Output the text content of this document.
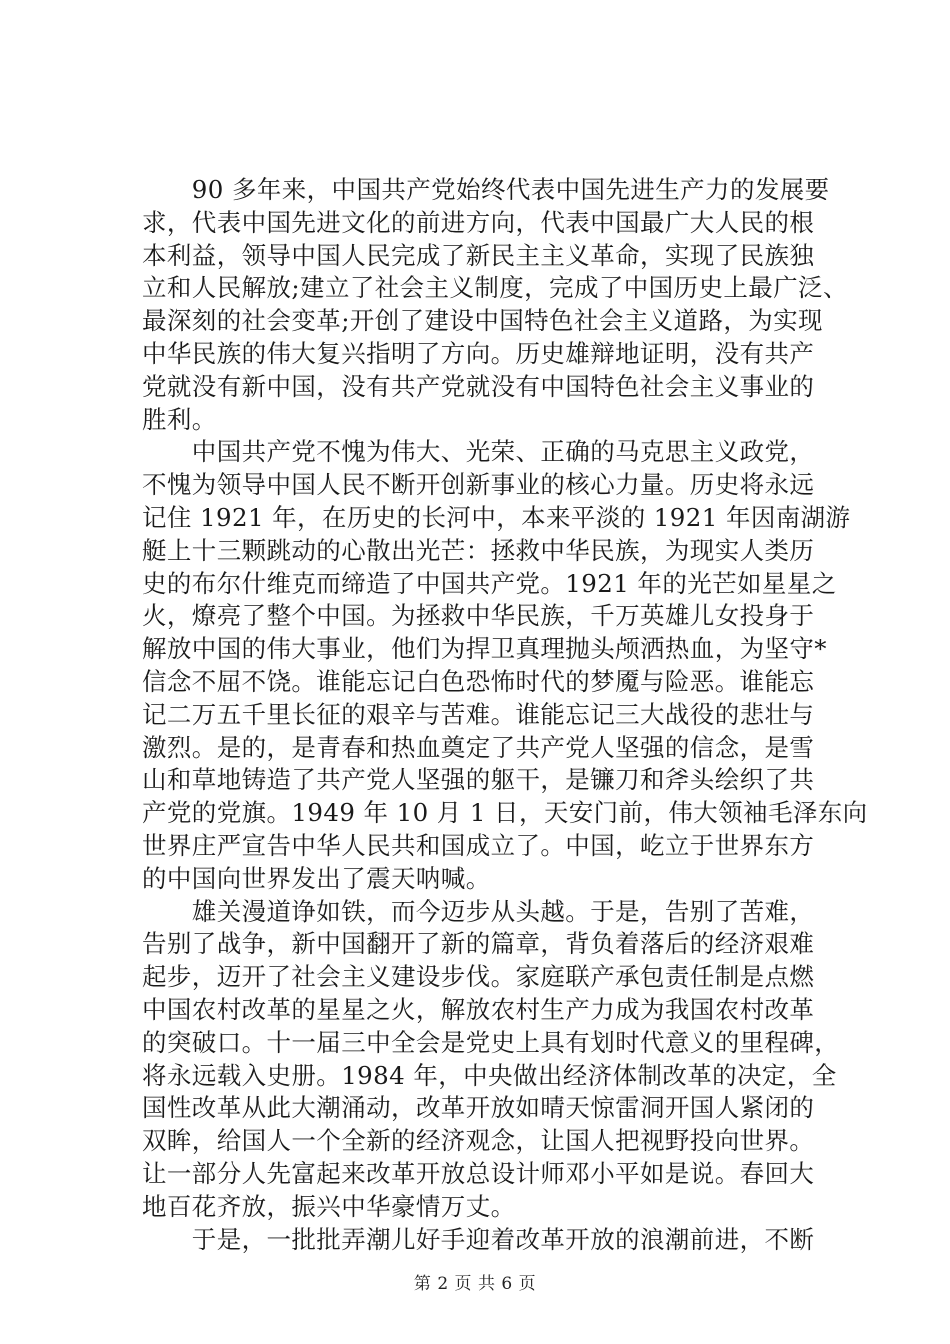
　　90 多年来，中国共产党始终代表中国先进生产力的发展要
求，代表中国先进文化的前进方向，代表中国最广大人民的根
本利益，领导中国人民完成了新民主主义革命，实现了民族独
立和人民解放;建立了社会主义制度，完成了中国历史上最广泛、
最深刻的社会变革;开创了建设中国特色社会主义道路，为实现
中华民族的伟大复兴指明了方向。历史雄辩地证明，没有共产
党就没有新中国，没有共产党就没有中国特色社会主义事业的
胜利。
　　中国共产党不愧为伟大、光荣、正确的马克思主义政党，
不愧为领导中国人民不断开创新事业的核心力量。历史将永远
记住 1921 年，在历史的长河中，本来平淡的 1921 年因南湖游
艇上十三颗跳动的心散出光芒：拯救中华民族，为现实人类历
史的布尔什维克而缔造了中国共产党。1921 年的光芒如星星之
火，燎亮了整个中国。为拯救中华民族，千万英雄儿女投身于
解放中国的伟大事业，他们为捍卫真理抛头颅洒热血，为坚守*
信念不屈不饶。谁能忘记白色恐怖时代的梦魇与险恶。谁能忘
记二万五千里长征的艰辛与苦难。谁能忘记三大战役的悲壮与
激烈。是的，是青春和热血奠定了共产党人坚强的信念，是雪
山和草地铸造了共产党人坚强的躯干，是镰刀和斧头绘织了共
产党的党旗。1949 年 10 月 1 日，天安门前，伟大领袖毛泽东向
世界庄严宣告中华人民共和国成立了。中国，屹立于世界东方
的中国向世界发出了震天呐喊。
　　雄关漫道诤如铁，而今迈步从头越。于是，告别了苦难，
告别了战争，新中国翻开了新的篇章，背负着落后的经济艰难
起步，迈开了社会主义建设步伐。家庭联产承包责任制是点燃
中国农村改革的星星之火，解放农村生产力成为我国农村改革
的突破口。十一届三中全会是党史上具有划时代意义的里程碑，
将永远载入史册。1984 年，中央做出经济体制改革的决定，全
国性改革从此大潮涌动，改革开放如晴天惊雷洞开国人紧闭的
双眸，给国人一个全新的经济观念，让国人把视野投向世界。
让一部分人先富起来改革开放总设计师邓小平如是说。春回大
地百花齐放，振兴中华豪情万丈。
　　于是，一批批弄潮儿好手迎着改革开放的浪潮前进，不断
第 2 页 共 6 页
